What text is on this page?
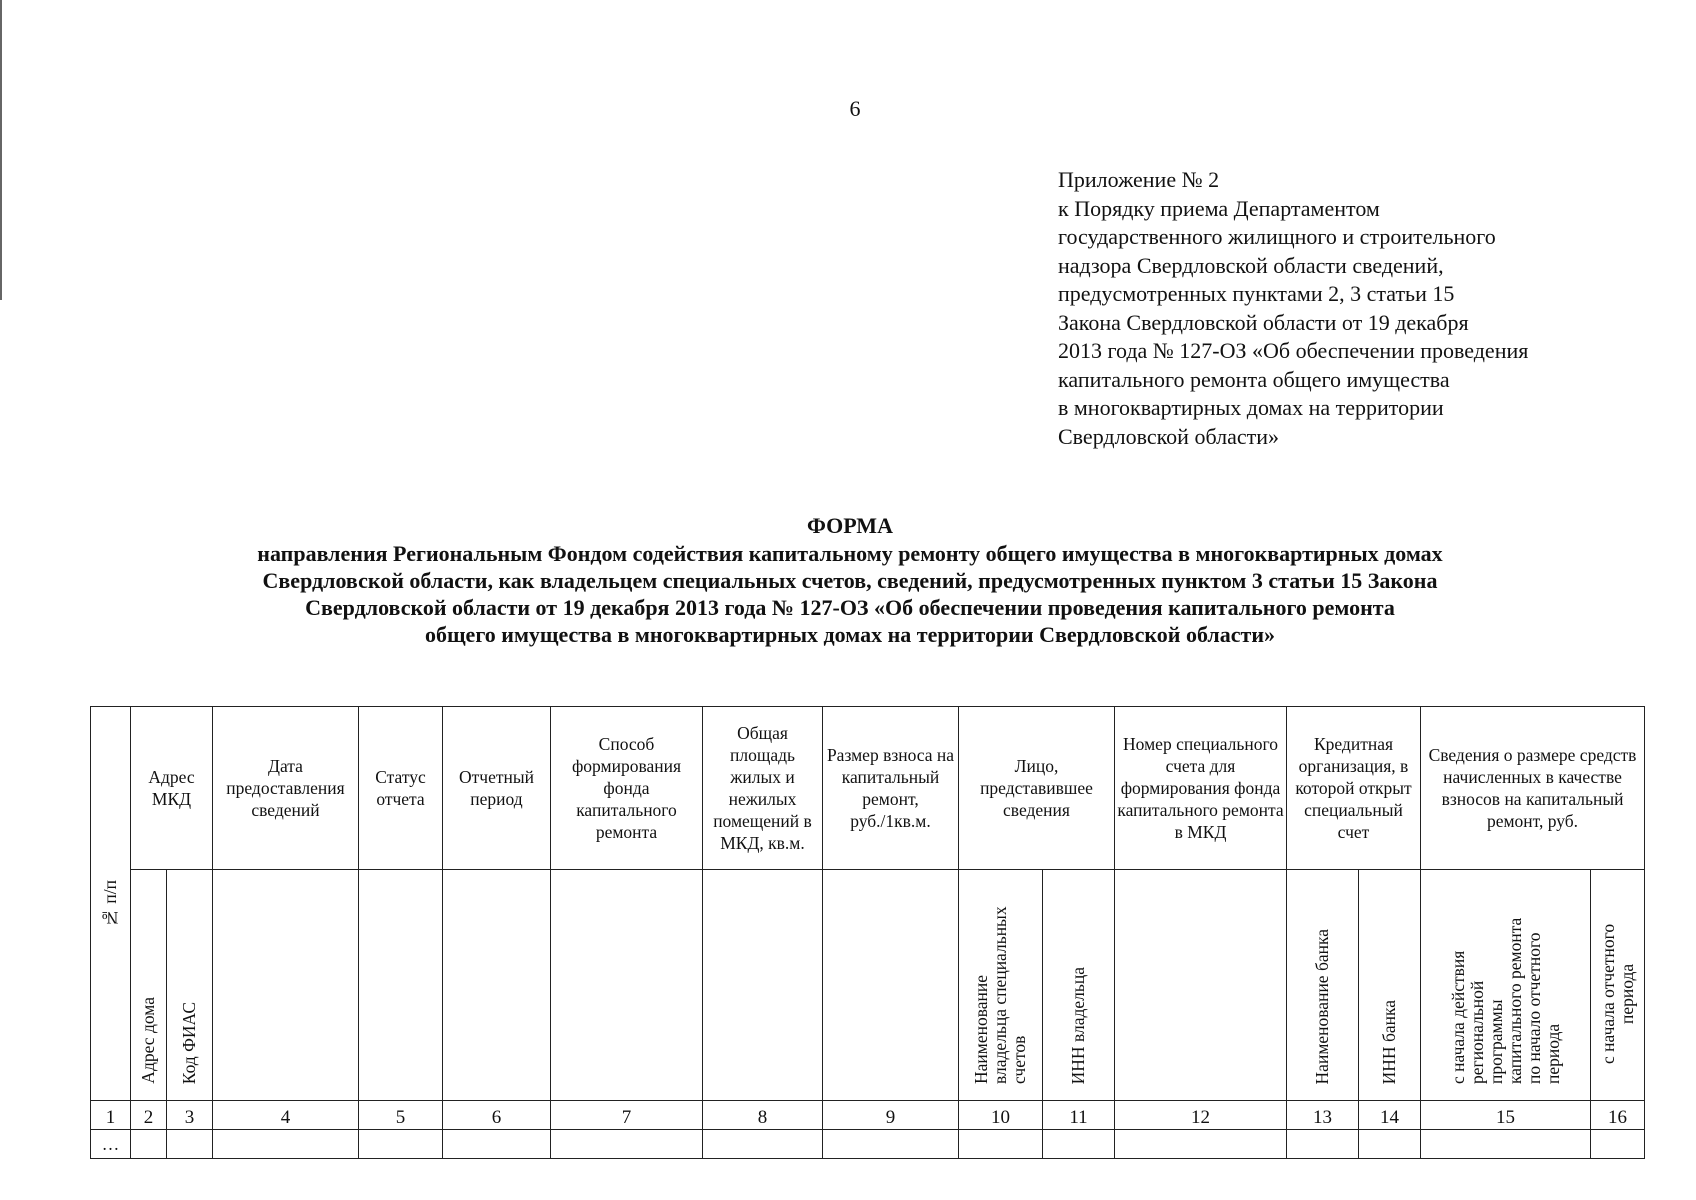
6
Приложение № 2
к Порядку приема Департаментом
государственного жилищного и строительного
надзора Свердловской области сведений,
предусмотренных пунктами 2, 3 статьи 15
Закона Свердловской области от 19 декабря
2013 года № 127-ОЗ «Об обеспечении проведения
капитального ремонта общего имущества
в многоквартирных домах на территории
Свердловской области»
ФОРМА
направления Региональным Фондом содействия капитальному ремонту общего имущества в многоквартирных домах
Свердловской области, как владельцем специальных счетов, сведений, предусмотренных пунктом 3 статьи 15 Закона
Свердловской области от 19 декабря 2013 года № 127-ОЗ «Об обеспечении проведения капитального ремонта
общего имущества в многоквартирных домах на территории Свердловской области»
№ п/п	Адрес МКД		Дата предоставления сведений	Статус отчета	Отчетный период	Способ формирования фонда капитального ремонта	Общая площадь жилых и нежилых помещений в МКД, кв.м.	Размер взноса на капитальный ремонт, руб./1кв.м.	Лицо, представившее сведения		Номер специального счета для формирования фонда капитального ремонта в МКД	Кредитная организация, в которой открыт специальный счет		Сведения о размере средств начисленных в качестве взносов на капитальный ремонт, руб.	

	Адрес дома	Код ФИАС							Наименование владельца специальных счетов	ИНН владельца		Наименование банка	ИНН банка	с начала действия региональной программы капитального ремонта по начало отчетного периода	с начала отчетного периода

1	2	3	4	5	6	7	8	9	10	11	12	13	14	15	16
…															
